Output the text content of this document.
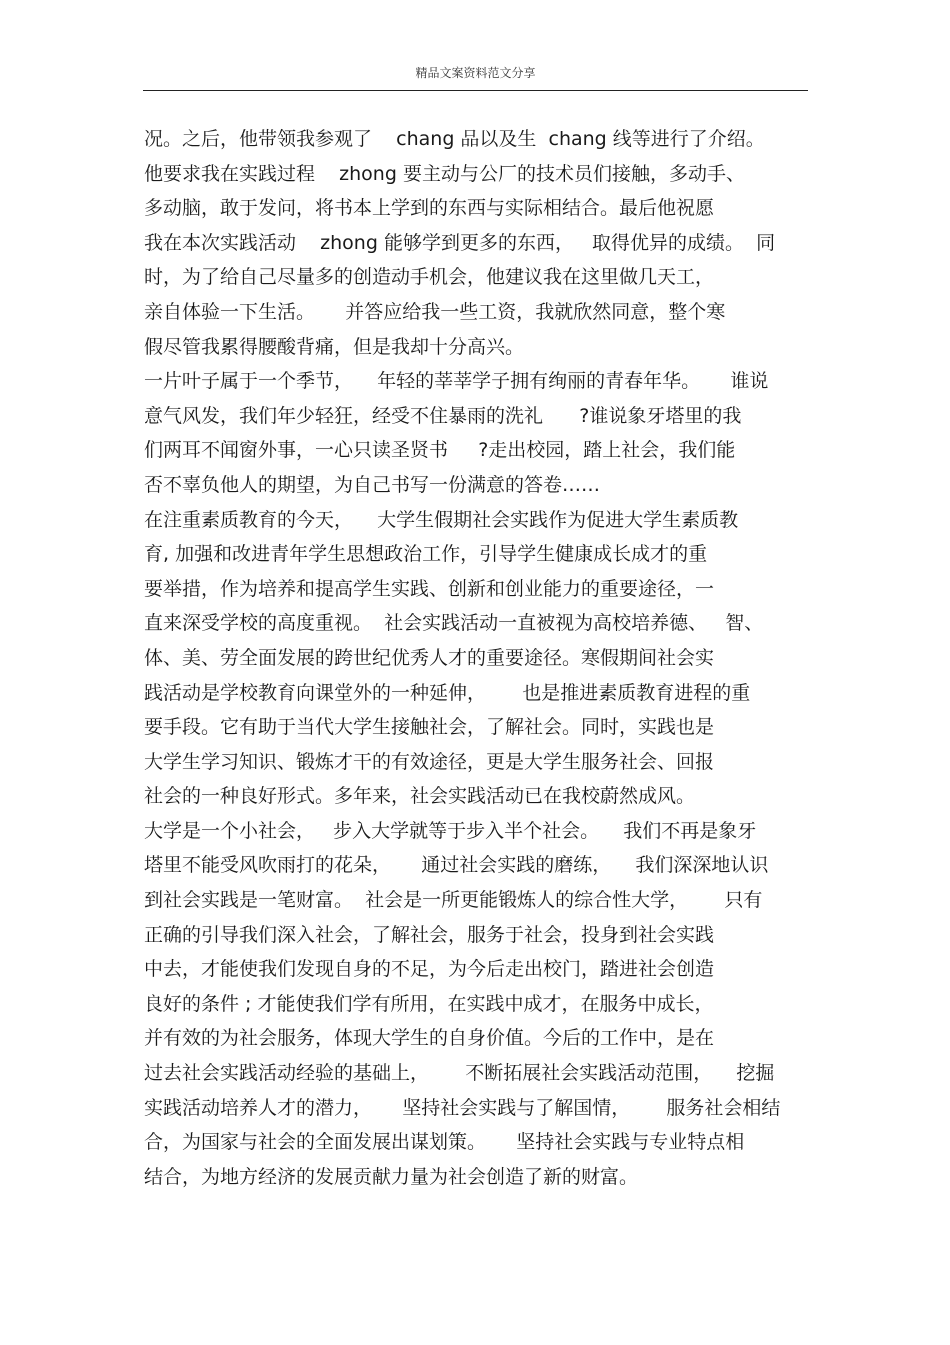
精品文案资料范文分享
况。之后，他带领我参观了    chang 品以及生  chang 线等进行了介绍。
他要求我在实践过程    zhong 要主动与公厂的技术员们接触，多动手、
多动脑，敢于发问，将书本上学到的东西与实际相结合。最后他祝愿
我在本次实践活动    zhong 能够学到更多的东西，   取得优异的成绩。  同
时，为了给自己尽量多的创造动手机会，他建议我在这里做几天工，
亲自体验一下生活。     并答应给我一些工资，我就欣然同意，整个寒
假尽管我累得腰酸背痛，但是我却十分高兴。
一片叶子属于一个季节，    年轻的莘莘学子拥有绚丽的青春年华。     谁说
意气风发，我们年少轻狂，经受不住暴雨的洗礼      ?谁说象牙塔里的我
们两耳不闻窗外事，一心只读圣贤书     ?走出校园，踏上社会，我们能
否不辜负他人的期望，为自己书写一份满意的答卷……
在注重素质教育的今天，    大学生假期社会实践作为促进大学生素质教
育, 加强和改进青年学生思想政治工作，引导学生健康成长成才的重
要举措，作为培养和提高学生实践、创新和创业能力的重要途径，一
直来深受学校的高度重视。  社会实践活动一直被视为高校培养德、   智、
体、美、劳全面发展的跨世纪优秀人才的重要途径。寒假期间社会实
践活动是学校教育向课堂外的一种延伸，      也是推进素质教育进程的重
要手段。它有助于当代大学生接触社会，了解社会。同时，实践也是
大学生学习知识、锻炼才干的有效途径，更是大学生服务社会、回报
社会的一种良好形式。多年来，社会实践活动已在我校蔚然成风。
大学是一个小社会，   步入大学就等于步入半个社会。    我们不再是象牙
塔里不能受风吹雨打的花朵，     通过社会实践的磨练，    我们深深地认识
到社会实践是一笔财富。  社会是一所更能锻炼人的综合性大学，      只有
正确的引导我们深入社会，了解社会，服务于社会，投身到社会实践
中去，才能使我们发现自身的不足，为今后走出校门，踏进社会创造
良好的条件 ; 才能使我们学有所用，在实践中成才，在服务中成长，
并有效的为社会服务，体现大学生的自身价值。今后的工作中，是在
过去社会实践活动经验的基础上，      不断拓展社会实践活动范围，    挖掘
实践活动培养人才的潜力，     坚持社会实践与了解国情，      服务社会相结
合，为国家与社会的全面发展出谋划策。     坚持社会实践与专业特点相
结合，为地方经济的发展贡献力量为社会创造了新的财富。
